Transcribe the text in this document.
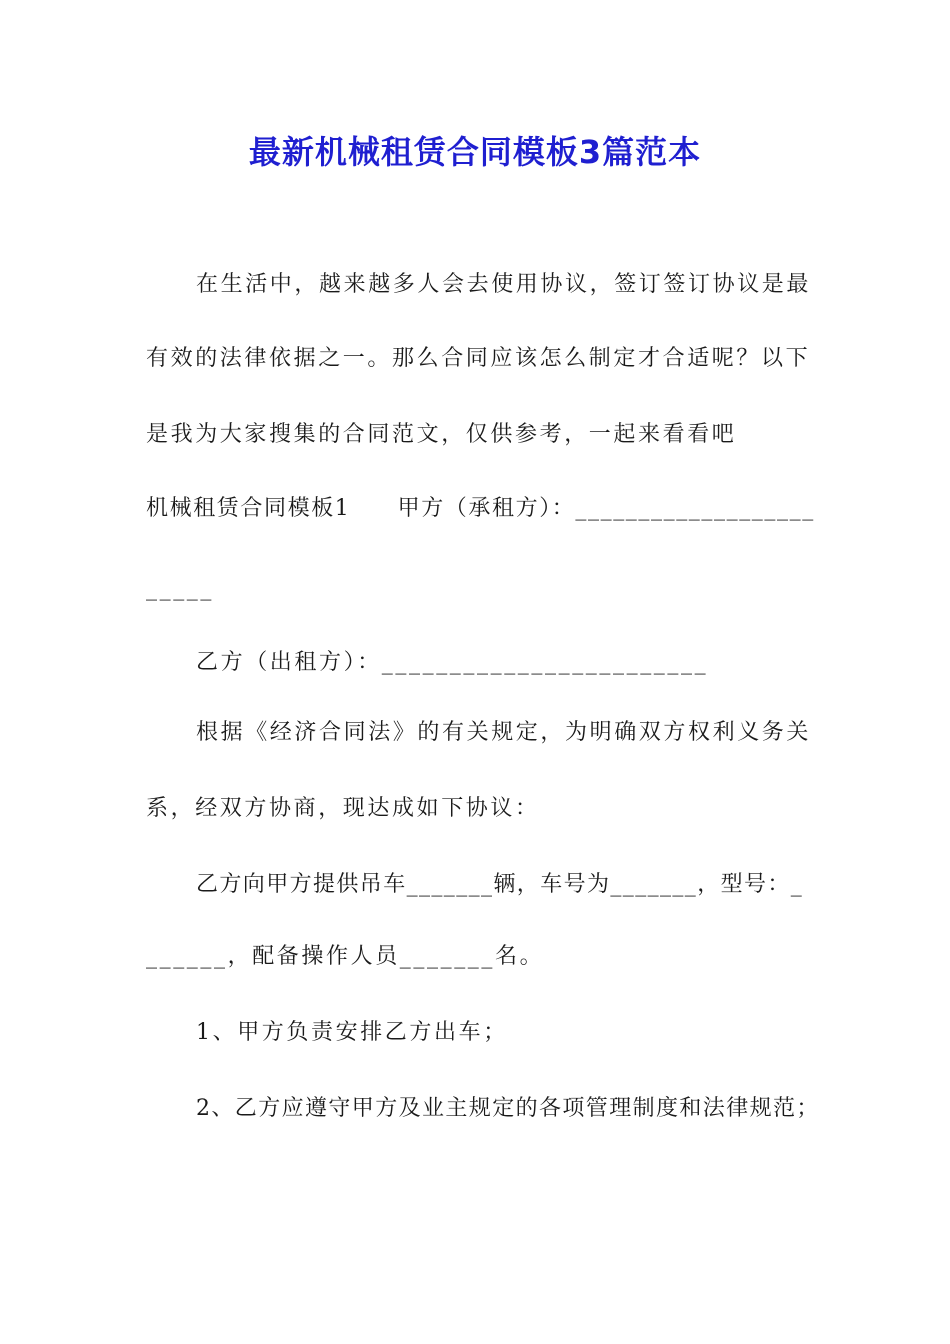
最新机械租赁合同模板3篇范本
在生活中，越来越多人会去使用协议，签订签订协议是最
有效的法律依据之一。那么合同应该怎么制定才合适呢？以下
是我为大家搜集的合同范文，仅供参考，一起来看看吧
机械租赁合同模板1　　甲方（承租方）：___________________
_____
乙方（出租方）：________________________
根据《经济合同法》的有关规定，为明确双方权利义务关
系，经双方协商，现达成如下协议：
乙方向甲方提供吊车_______辆，车号为_______，型号：_
______，配备操作人员_______名。
1、甲方负责安排乙方出车；
2、乙方应遵守甲方及业主规定的各项管理制度和法律规范；
